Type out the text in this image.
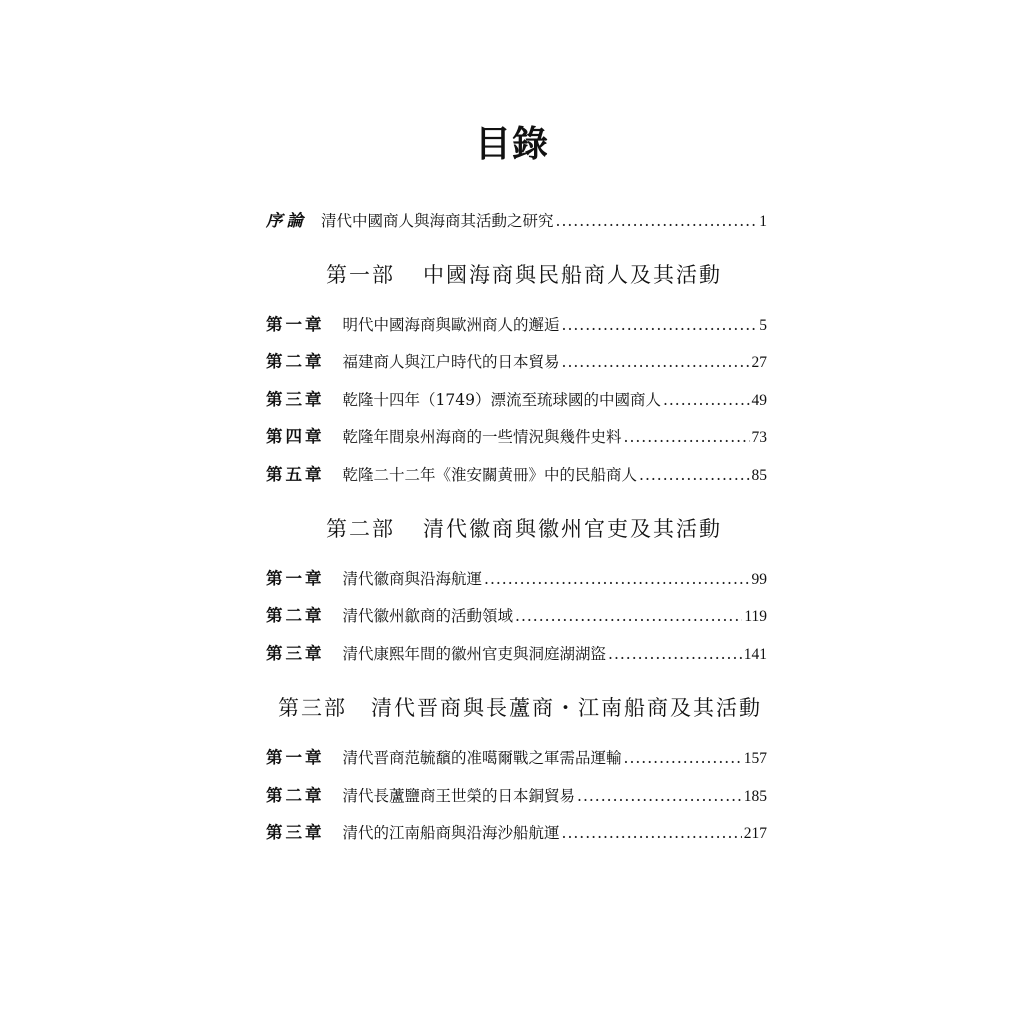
目錄
序論 清代中國商人與海商其活動之研究 .....	1
第一部 中國海商與民船商人及其活動
第一章 明代中國海商與歐洲商人的邂逅 .....	5
第二章 福建商人與江户時代的日本貿易 .....	27
第三章 乾隆十四年（1749）漂流至琉球國的中國商人 .....	49
第四章 乾隆年間泉州海商的一些情況與幾件史料 .....	73
第五章 乾隆二十二年《淮安關黄冊》中的民船商人 .....	85
第二部 清代徽商與徽州官吏及其活動
第一章 清代徽商與沿海航運 .....	99
第二章 清代徽州歙商的活動領域 .....	119
第三章 清代康熙年間的徽州官吏與洞庭湖湖盜 .....	141
第三部 清代晋商與長蘆商・江南船商及其活動
第一章 清代晋商范毓馪的准噶爾戰之軍需品運輸 .....	157
第二章 清代長蘆鹽商王世榮的日本銅貿易 .....	185
第三章 清代的江南船商與沿海沙船航運 .....	217
